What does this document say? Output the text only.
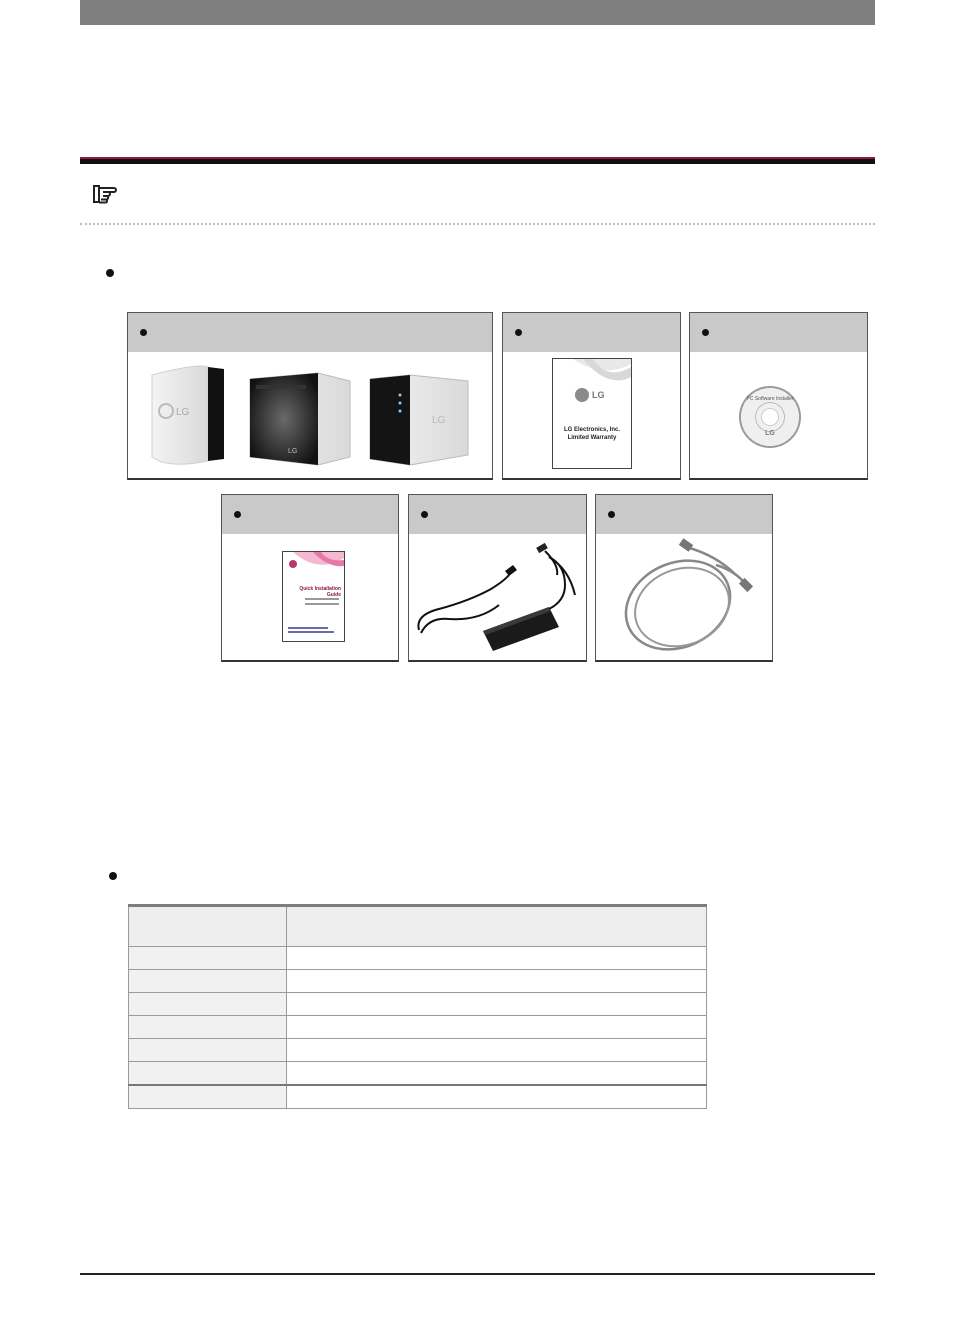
LG
LG
LG
LG
LG Electronics, Inc.
Limited Warranty
PC Software Installer
LG
Quick Installation Guide
